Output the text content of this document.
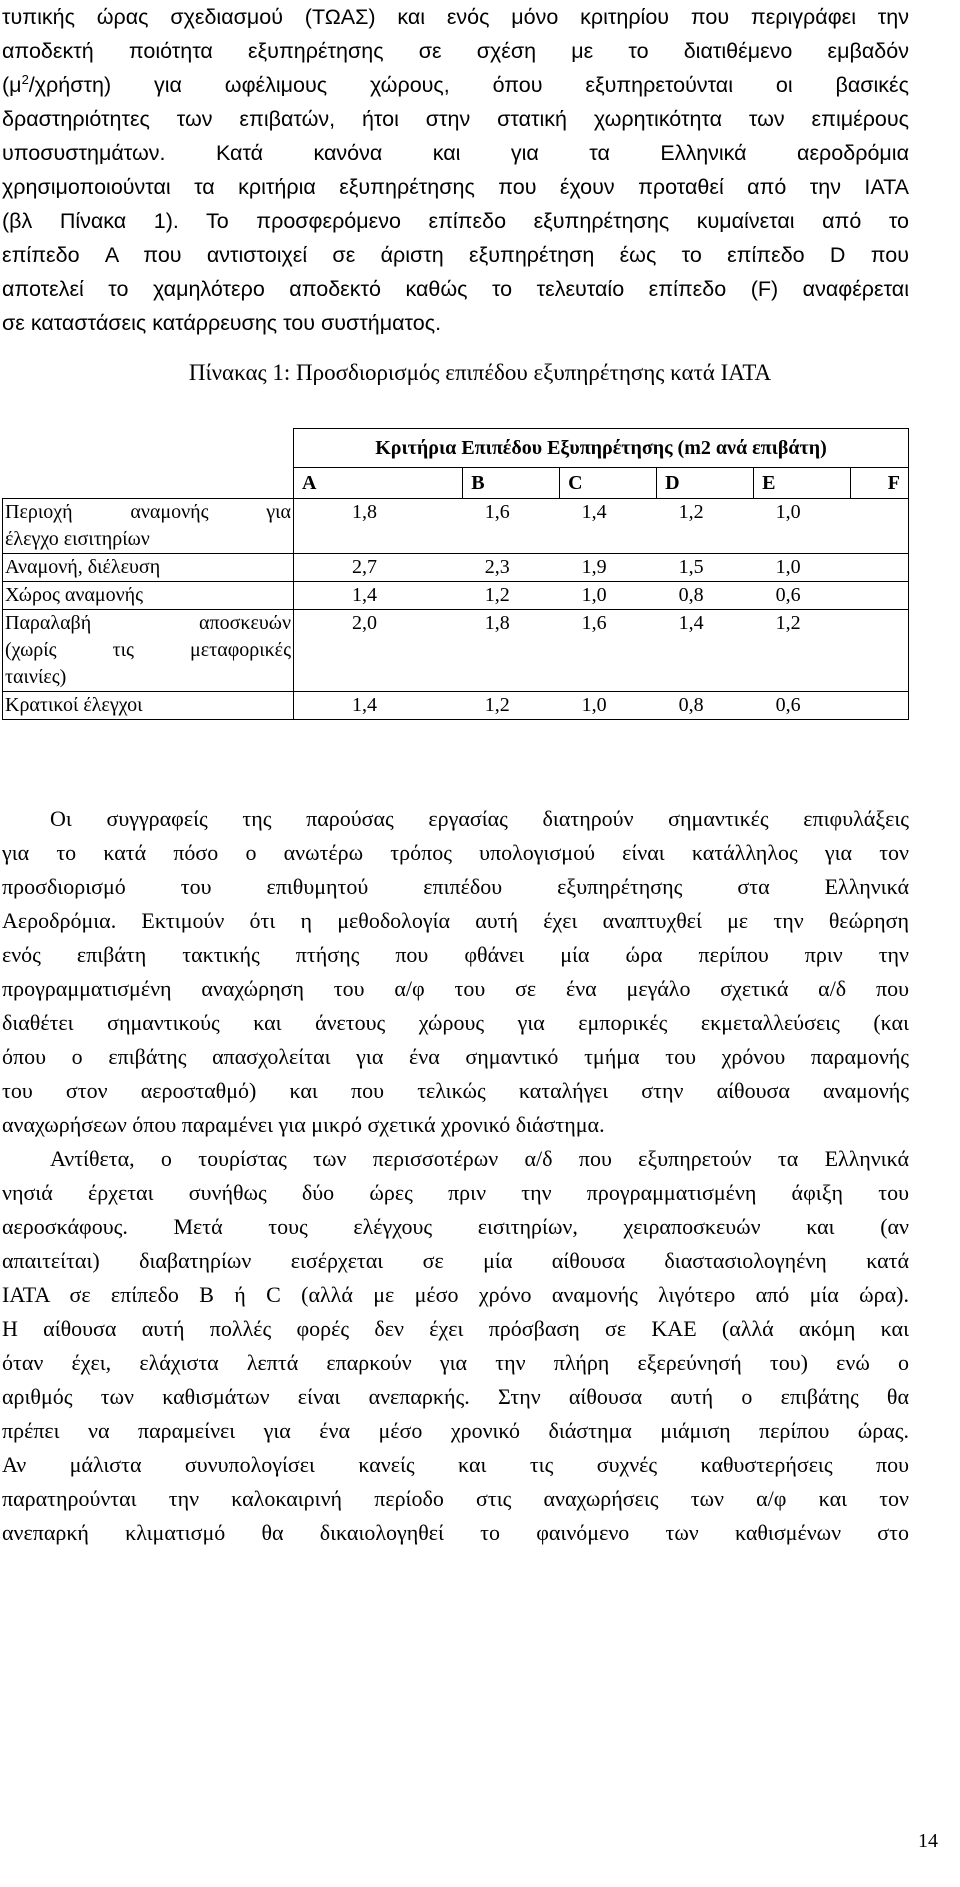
τυπικής ώρας σχεδιασμού (ΤΩΑΣ) και ενός μόνο κριτηρίου που περιγράφει την
αποδεκτή ποιότητα εξυπηρέτησης σε σχέση με το διατιθέμενο εμβαδόν
$(\mu^2/\chi\rho ή\sigma\tau\eta)$ για ωφέλιμους χώρους, όπου εξυπηρετούνται οι βασικές
δραστηριότητες των επιβατών, ήτοι στην στατική χωρητικότητα των επιμέρους
υποσυστημάτων. Κατά κανόνα και για τα Ελληνικά αεροδρόμια
χρησιμοποιούνται τα κριτήρια εξυπηρέτησης που έχουν προταθεί από την IATA
(βλ Πίνακα 1). Το προσφερόμενο επίπεδο εξυπηρέτησης κυμαίνεται από το
επίπεδο A που αντιστοιχεί σε άριστη εξυπηρέτηση έως το επίπεδο D που
αποτελεί το χαμηλότερο αποδεκτό καθώς το τελευταίο επίπεδο (F) αναφέρεται
σε καταστάσεις κατάρρευσης του συστήματος.

Πίνακας 1: Προσδιορισμός επιπέδου εξυπηρέτησης κατά IATA
	Κριτήρια Επιπέδου Εξυπηρέτησης (m2 ανά επιβάτη)					
	A	B	C	D	E	F

Περιοχή αναμονής για
έλεγχο εισιτηρίων	1,8	1,6	1,4	1,2	1,0	
Αναμονή, διέλευση	2,7	2,3	1,9	1,5	1,0	
Χώρος αναμονής	1,4	1,2	1,0	0,8	0,6	

Παραλαβή αποσκευών
(χωρίς τις μεταφορικές
ταινίες)	2,0	1,8	1,6	1,4	1,2	
Κρατικοί έλεγχοι	1,4	1,2	1,0	0,8	0,6	

Οι συγγραφείς της παρούσας εργασίας διατηρούν σημαντικές επιφυλάξεις
για το κατά πόσο ο ανωτέρω τρόπος υπολογισμού είναι κατάλληλος για τον
προσδιορισμό του επιθυμητού επιπέδου εξυπηρέτησης στα Ελληνικά
Αεροδρόμια. Εκτιμούν ότι η μεθοδολογία αυτή έχει αναπτυχθεί με την θεώρηση
ενός επιβάτη τακτικής πτήσης που φθάνει μία ώρα περίπου πριν την
προγραμματισμένη αναχώρηση του α/φ του σε ένα μεγάλο σχετικά α/δ που
διαθέτει σημαντικούς και άνετους χώρους για εμπορικές εκμεταλλεύσεις (και
όπου ο επιβάτης απασχολείται για ένα σημαντικό τμήμα του χρόνου παραμονής
του στον αεροσταθμό) και που τελικώς καταλήγει στην αίθουσα αναμονής
αναχωρήσεων όπου παραμένει για μικρό σχετικά χρονικό διάστημα.

Αντίθετα, ο τουρίστας των περισσοτέρων α/δ που εξυπηρετούν τα Ελληνικά
νησιά έρχεται συνήθως δύο ώρες πριν την προγραμματισμένη άφιξη του
αεροσκάφους. Μετά τους ελέγχους εισιτηρίων, χειραποσκευών και (αν
απαιτείται) διαβατηρίων εισέρχεται σε μία αίθουσα διαστασιολογηένη κατά
IATA σε επίπεδο B ή C (αλλά με μέσο χρόνο αναμονής λιγότερο από μία ώρα).
Η αίθουσα αυτή πολλές φορές δεν έχει πρόσβαση σε ΚΑΕ (αλλά ακόμη και
όταν έχει, ελάχιστα λεπτά επαρκούν για την πλήρη εξερεύνησή του) ενώ ο
αριθμός των καθισμάτων είναι ανεπαρκής. Στην αίθουσα αυτή ο επιβάτης θα
πρέπει να παραμείνει για ένα μέσο χρονικό διάστημα μιάμιση περίπου ώρας.
Αν μάλιστα συνυπολογίσει κανείς και τις συχνές καθυστερήσεις που
παρατηρούνται την καλοκαιρινή περίοδο στις αναχωρήσεις των α/φ και τον
ανεπαρκή κλιματισμό θα δικαιολογηθεί το φαινόμενο των καθισμένων στο

14
